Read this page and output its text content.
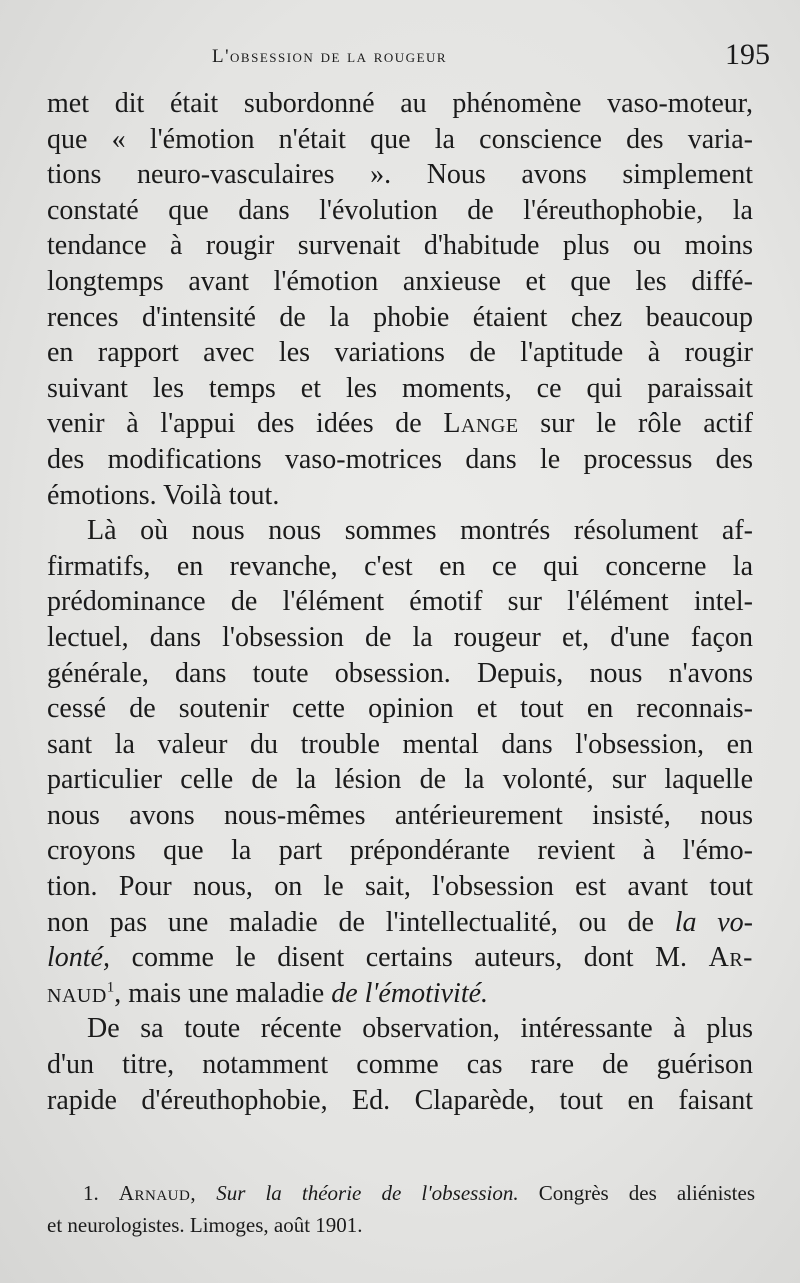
L'obsession de la rougeur	195
met dit était subordonné au phénomène vaso-moteur,
que « l'émotion n'était que la conscience des varia-
tions neuro-vasculaires ». Nous avons simplement
constaté que dans l'évolution de l'éreuthophobie, la
tendance à rougir survenait d'habitude plus ou moins
longtemps avant l'émotion anxieuse et que les diffé-
rences d'intensité de la phobie étaient chez beaucoup
en rapport avec les variations de l'aptitude à rougir
suivant les temps et les moments, ce qui paraissait
venir à l'appui des idées de Lange sur le rôle actif
des modifications vaso-motrices dans le processus des
émotions. Voilà tout.
Là où nous nous sommes montrés résolument af-
firmatifs, en revanche, c'est en ce qui concerne la
prédominance de l'élément émotif sur l'élément intel-
lectuel, dans l'obsession de la rougeur et, d'une façon
générale, dans toute obsession. Depuis, nous n'avons
cessé de soutenir cette opinion et tout en reconnais-
sant la valeur du trouble mental dans l'obsession, en
particulier celle de la lésion de la volonté, sur laquelle
nous avons nous-mêmes antérieurement insisté, nous
croyons que la part prépondérante revient à l'émo-
tion. Pour nous, on le sait, l'obsession est avant tout
non pas une maladie de l'intellectualité, ou de la vo-
lonté, comme le disent certains auteurs, dont M. Ar-
naud$^1$, mais une maladie de l'émotivité.
De sa toute récente observation, intéressante à plus
d'un titre, notamment comme cas rare de guérison
rapide d'éreuthophobie, Ed. Claparède, tout en faisant
1. Arnaud, Sur la théorie de l'obsession. Congrès des aliénistes
et neurologistes. Limoges, août 1901.
